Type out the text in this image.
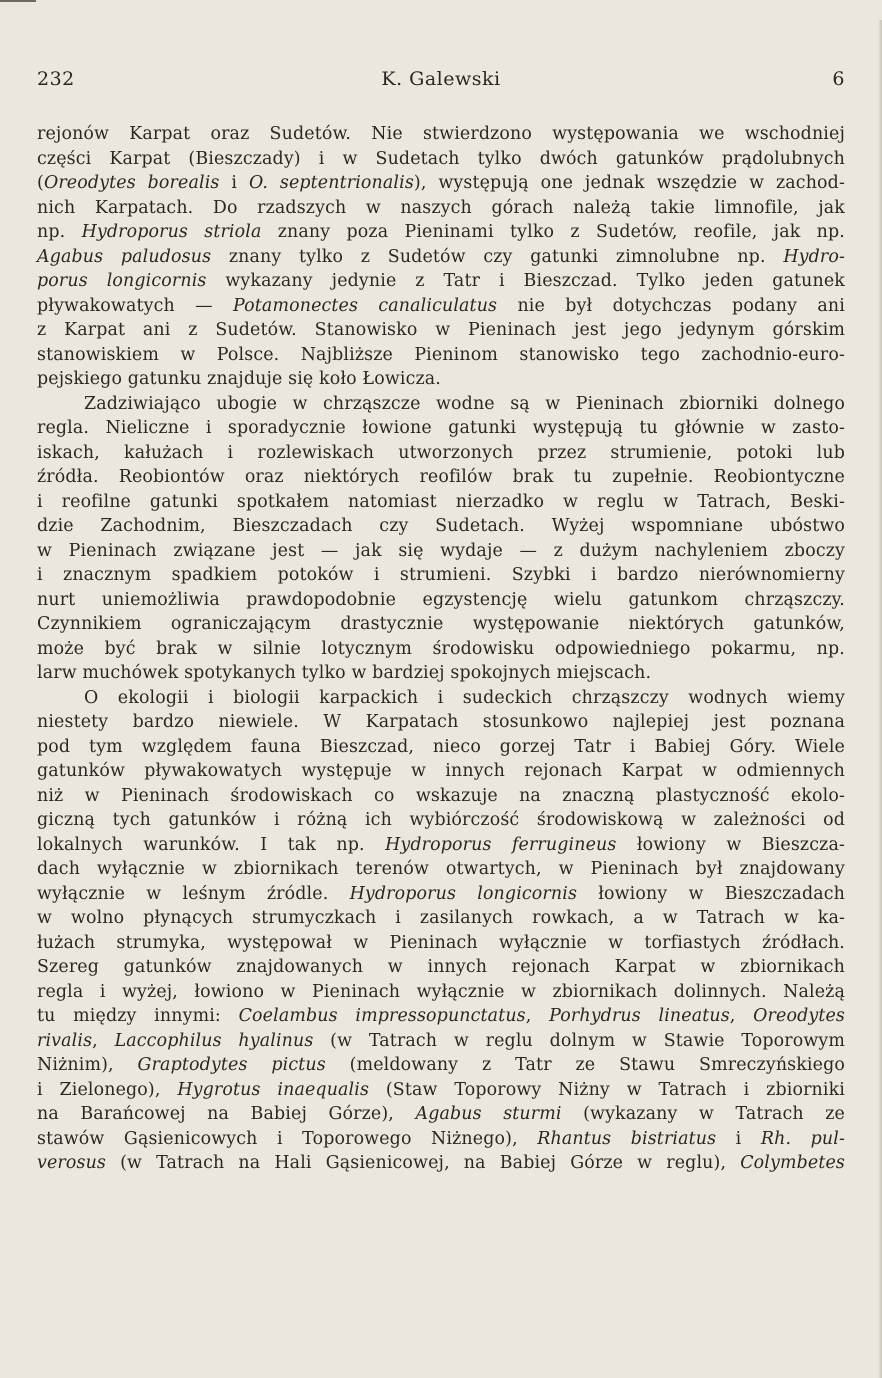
232	K. Galewski	6
rejonów Karpat oraz Sudetów. Nie stwierdzono występowania we wschodniej
części Karpat (Bieszczady) i w Sudetach tylko dwóch gatunków prądolubnych
(Oreodytes borealis i O. septentrionalis), występują one jednak wszędzie w zachod-
nich Karpatach. Do rzadszych w naszych górach należą takie limnofile, jak
np. Hydroporus striola znany poza Pieninami tylko z Sudetów, reofile, jak np.
Agabus paludosus znany tylko z Sudetów czy gatunki zimnolubne np. Hydro-
porus longicornis wykazany jedynie z Tatr i Bieszczad. Tylko jeden gatunek
pływakowatych — Potamonectes canaliculatus nie był dotychczas podany ani
z Karpat ani z Sudetów. Stanowisko w Pieninach jest jego jedynym górskim
stanowiskiem w Polsce. Najbliższe Pieninom stanowisko tego zachodnio-euro-
pejskiego gatunku znajduje się koło Łowicza.
Zadziwiająco ubogie w chrząszcze wodne są w Pieninach zbiorniki dolnego
regla. Nieliczne i sporadycznie łowione gatunki występują tu głównie w zasto-
iskach, kałużach i rozlewiskach utworzonych przez strumienie, potoki lub
źródła. Reobiontów oraz niektórych reofilów brak tu zupełnie. Reobiontyczne
i reofilne gatunki spotkałem natomiast nierzadko w reglu w Tatrach, Beski-
dzie Zachodnim, Bieszczadach czy Sudetach. Wyżej wspomniane ubóstwo
w Pieninach związane jest — jak się wydaje — z dużym nachyleniem zboczy
i znacznym spadkiem potoków i strumieni. Szybki i bardzo nierównomierny
nurt uniemożliwia prawdopodobnie egzystencję wielu gatunkom chrząszczy.
Czynnikiem ograniczającym drastycznie występowanie niektórych gatunków,
może być brak w silnie lotycznym środowisku odpowiedniego pokarmu, np.
larw muchówek spotykanych tylko w bardziej spokojnych miejscach.
O ekologii i biologii karpackich i sudeckich chrząszczy wodnych wiemy
niestety bardzo niewiele. W Karpatach stosunkowo najlepiej jest poznana
pod tym względem fauna Bieszczad, nieco gorzej Tatr i Babiej Góry. Wiele
gatunków pływakowatych występuje w innych rejonach Karpat w odmiennych
niż w Pieninach środowiskach co wskazuje na znaczną plastyczność ekolo-
giczną tych gatunków i różną ich wybiórczość środowiskową w zależności od
lokalnych warunków. I tak np. Hydroporus ferrugineus łowiony w Bieszcza-
dach wyłącznie w zbiornikach terenów otwartych, w Pieninach był znajdowany
wyłącznie w leśnym źródle. Hydroporus longicornis łowiony w Bieszczadach
w wolno płynących strumyczkach i zasilanych rowkach, a w Tatrach w ka-
łużach strumyka, występował w Pieninach wyłącznie w torfiastych źródłach.
Szereg gatunków znajdowanych w innych rejonach Karpat w zbiornikach
regla i wyżej, łowiono w Pieninach wyłącznie w zbiornikach dolinnych. Należą
tu między innymi: Coelambus impressopunctatus, Porhydrus lineatus, Oreodytes
rivalis, Laccophilus hyalinus (w Tatrach w reglu dolnym w Stawie Toporowym
Niżnim), Graptodytes pictus (meldowany z Tatr ze Stawu Smreczyńskiego
i Zielonego), Hygrotus inaequalis (Staw Toporowy Niżny w Tatrach i zbiorniki
na Barańcowej na Babiej Górze), Agabus sturmi (wykazany w Tatrach ze
stawów Gąsienicowych i Toporowego Niżnego), Rhantus bistriatus i Rh. pul-
verosus (w Tatrach na Hali Gąsienicowej, na Babiej Górze w reglu), Colymbetes
